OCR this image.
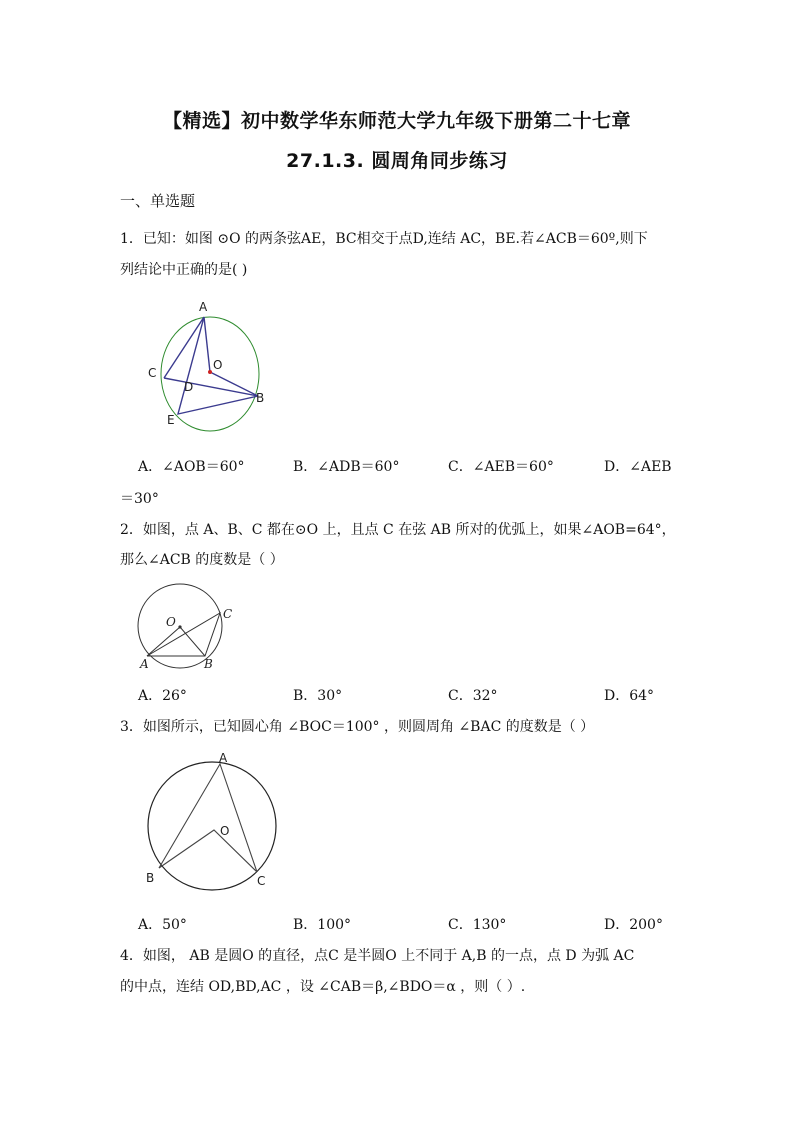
【精选】初中数学华东师范大学九年级下册第二十七章
27.1.3. 圆周角同步练习
一、单选题
1．已知：如图 ⊙O 的两条弦AE，BC相交于点D,连结 AC，BE.若∠ACB＝60º,则下
列结论中正确的是( )
A
O
C
D
B
E
A．∠AOB＝60°	B．∠ADB＝60°	C．∠AEB＝60°	D．∠AEB
＝30°
2．如图，点 A、B、C 都在⊙O 上，且点 C 在弦 AB 所对的优弧上，如果∠AOB=64°，
那么∠ACB 的度数是（ ）
O
C
A	B
A．26°	B．30°	C．32°	D．64°
3．如图所示，已知圆心角 ∠BOC＝100° ，则圆周角 ∠BAC 的度数是（ ）
A
O
B	C
A．50°	B．100°	C．130°	D．200°
4．如图， AB 是圆O 的直径，点C 是半圆O 上不同于 A,B 的一点，点 D 为弧 AC
的中点，连结 OD,BD,AC ，设 ∠CAB＝β,∠BDO＝α ，则（ ）.
